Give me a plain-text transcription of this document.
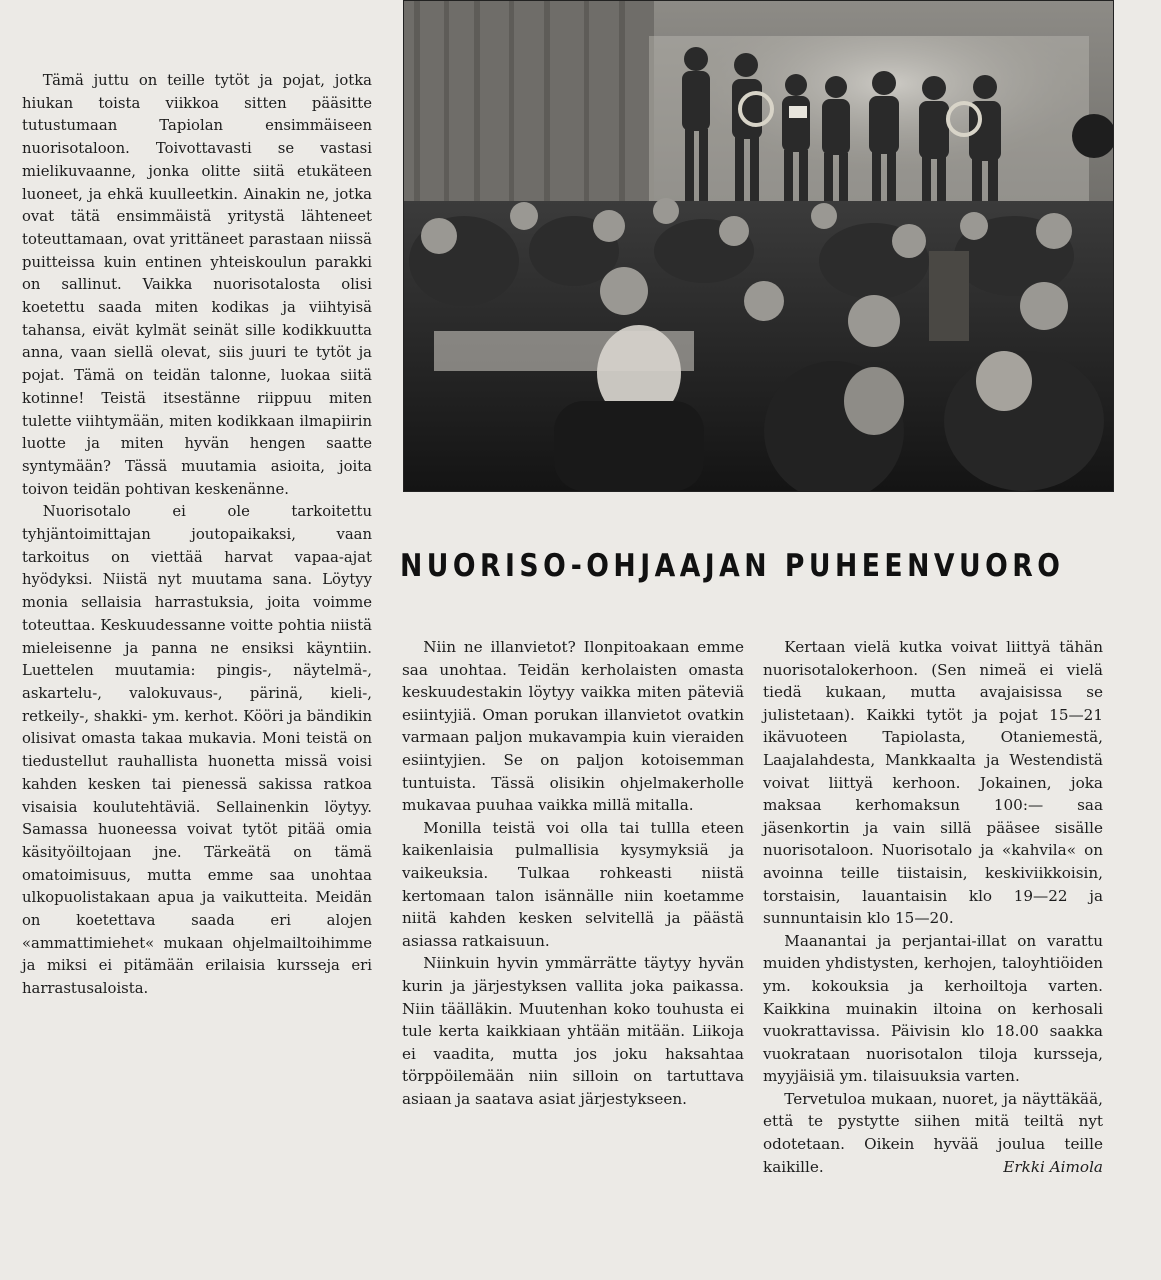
Tämä juttu on teille tytöt ja pojat, jotka hiukan toista viikkoa sitten pääsitte tutustumaan Tapiolan ensimmäiseen nuorisotaloon. Toivottavasti se vastasi mielikuvaanne, jonka olitte siitä etukäteen luoneet, ja ehkä kuulleetkin. Ainakin ne, jotka ovat tätä ensimmäistä yritystä lähteneet toteuttamaan, ovat yrittäneet parastaan niissä puitteissa kuin entinen yhteiskoulun parakki on sallinut. Vaikka nuorisotalosta olisi koetettu saada miten kodikas ja viihtyisä tahansa, eivät kylmät seinät sille kodikkuutta anna, vaan siellä olevat, siis juuri te tytöt ja pojat. Tämä on teidän talonne, luokaa siitä kotinne! Teistä itsestänne riippuu miten tulette viihtymään, miten kodikkaan ilmapiirin luotte ja miten hyvän hengen saatte syntymään? Tässä muutamia asioita, joita toivon teidän pohtivan keskenänne.

Nuorisotalo ei ole tarkoitettu tyhjäntoimittajan joutopaikaksi, vaan tarkoitus on viettää harvat vapaa-ajat hyödyksi. Niistä nyt muutama sana. Löytyy monia sellaisia harrastuksia, joita voimme toteuttaa. Keskuudessanne voitte pohtia niistä mieleisenne ja panna ne ensiksi käyntiin. Luettelen muutamia: pingis-, näytelmä-, askartelu-, valokuvaus-, pärinä, kieli-, retkeily-, shakki- ym. kerhot. Kööri ja bändikin olisivat omasta takaa mukavia. Moni teistä on tiedustellut rauhallista huonetta missä voisi kahden kesken tai pienessä sakissa ratkoa visaisia koulutehtäviä. Sellainenkin löytyy. Samassa huoneessa voivat tytöt pitää omia käsityöiltojaan jne. Tärkeätä on tämä omatoimisuus, mutta emme saa unohtaa ulkopuolistakaan apua ja vaikutteita. Meidän on koetettava saada eri alojen «ammattimiehet« mukaan ohjelmailtoihimme ja miksi ei pitämään erilaisia kursseja eri harrastusaloista.

NUORISO-OHJAAJAN PUHEENVUORO

Niin ne illanvietot? Ilonpitoakaan emme saa unohtaa. Teidän kerholaisten omasta keskuudestakin löytyy vaikka miten päteviä esiintyjiä. Oman porukan illanvietot ovatkin varmaan paljon mukavampia kuin vieraiden esiintyjien. Se on paljon kotoisemman tuntuista. Tässä olisikin ohjelmakerholle mukavaa puuhaa vaikka millä mitalla.

Monilla teistä voi olla tai tullla eteen kaikenlaisia pulmallisia kysymyksiä ja vaikeuksia. Tulkaa rohkeasti niistä kertomaan talon isännälle niin koetamme niitä kahden kesken selvitellä ja päästä asiassa ratkaisuun.

Niinkuin hyvin ymmärrätte täytyy hyvän kurin ja järjestyksen vallita joka paikassa. Niin täälläkin. Muutenhan koko touhusta ei tule kerta kaikkiaan yhtään mitään. Liikoja ei vaadita, mutta jos joku haksahtaa törppöilemään niin silloin on tartuttava asiaan ja saatava asiat järjestykseen.

Kertaan vielä kutka voivat liittyä tähän nuorisotalokerhoon. (Sen nimeä ei vielä tiedä kukaan, mutta avajaisissa se julistetaan). Kaikki tytöt ja pojat 15—21 ikävuoteen Tapiolasta, Otaniemestä, Laajalahdesta, Mankkaalta ja Westendistä voivat liittyä kerhoon. Jokainen, joka maksaa kerhomaksun 100:— saa jäsenkortin ja vain sillä pääsee sisälle nuorisotaloon. Nuorisotalo ja «kahvila« on avoinna teille tiistaisin, keskiviikkoisin, torstaisin, lauantaisin klo 19—22 ja sunnuntaisin klo 15—20.

Maanantai ja perjantai-illat on varattu muiden yhdistysten, kerhojen, taloyhtiöiden ym. kokouksia ja kerhoiltoja varten. Kaikkina muinakin iltoina on kerhosali vuokrattavissa. Päivisin klo 18.00 saakka vuokrataan nuorisotalon tiloja kursseja, myyjäisiä ym. tilaisuuksia varten.

Tervetuloa mukaan, nuoret, ja näyttäkää, että te pystytte siihen mitä teiltä nyt odotetaan. Oikein hyvää joulua teille kaikille.	Erkki Aimola
